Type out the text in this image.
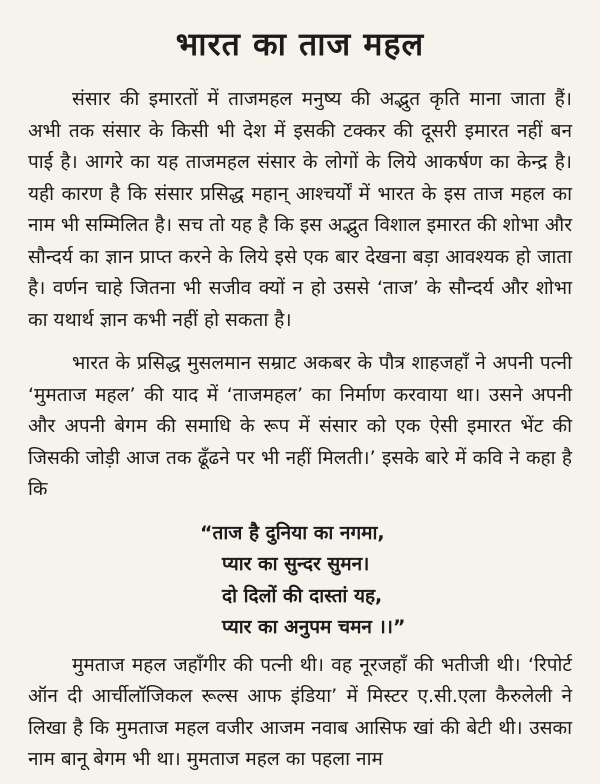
भारत का ताज महल

संसार की इमारतों में ताजमहल मनुष्य की अद्भुत कृति माना जाता हैं। अभी तक संसार के किसी भी देश में इसकी टक्कर की दूसरी इमारत नहीं बन पाई है। आगरे का यह ताजमहल संसार के लोगों के लिये आकर्षण का केन्द्र है। यही कारण है कि संसार प्रसिद्ध महान् आश्चर्यों में भारत के इस ताज महल का नाम भी सम्मिलित है। सच तो यह है कि इस अद्भुत विशाल इमारत की शोभा और सौन्दर्य का ज्ञान प्राप्त करने के लिये इसे एक बार देखना बड़ा आवश्यक हो जाता है। वर्णन चाहे जितना भी सजीव क्यों न हो उससे ‘ताज’ के सौन्दर्य और शोभा का यथार्थ ज्ञान कभी नहीं हो सकता है।

भारत के प्रसिद्ध मुसलमान सम्राट अकबर के पौत्र शाहजहाँ ने अपनी पत्नी ‘मुमताज महल’ की याद में ‘ताजमहल’ का निर्माण करवाया था। उसने अपनी और अपनी बेगम की समाधि के रूप में संसार को एक ऐसी इमारत भेंट की जिसकी जोड़ी आज तक ढूँढने पर भी नहीं मिलती।’ इसके बारे में कवि ने कहा है कि

“ताज है दुनिया का नगमा,
प्यार का सुन्दर सुमन।
दो दिलों की दास्तां यह,
प्यार का अनुपम चमन ।।”

मुमताज महल जहाँगीर की पत्नी थी। वह नूरजहाँ की भतीजी थी। ‘रिपोर्ट ऑन दी आर्चीलॉजिकल रूल्स आफ इंडिया’ में मिस्टर ए.सी.एला कैरुलेली ने लिखा है कि मुमताज महल वजीर आजम नवाब आसिफ खां की बेटी थी। उसका नाम बानू बेगम भी था। मुमताज महल का पहला नाम
